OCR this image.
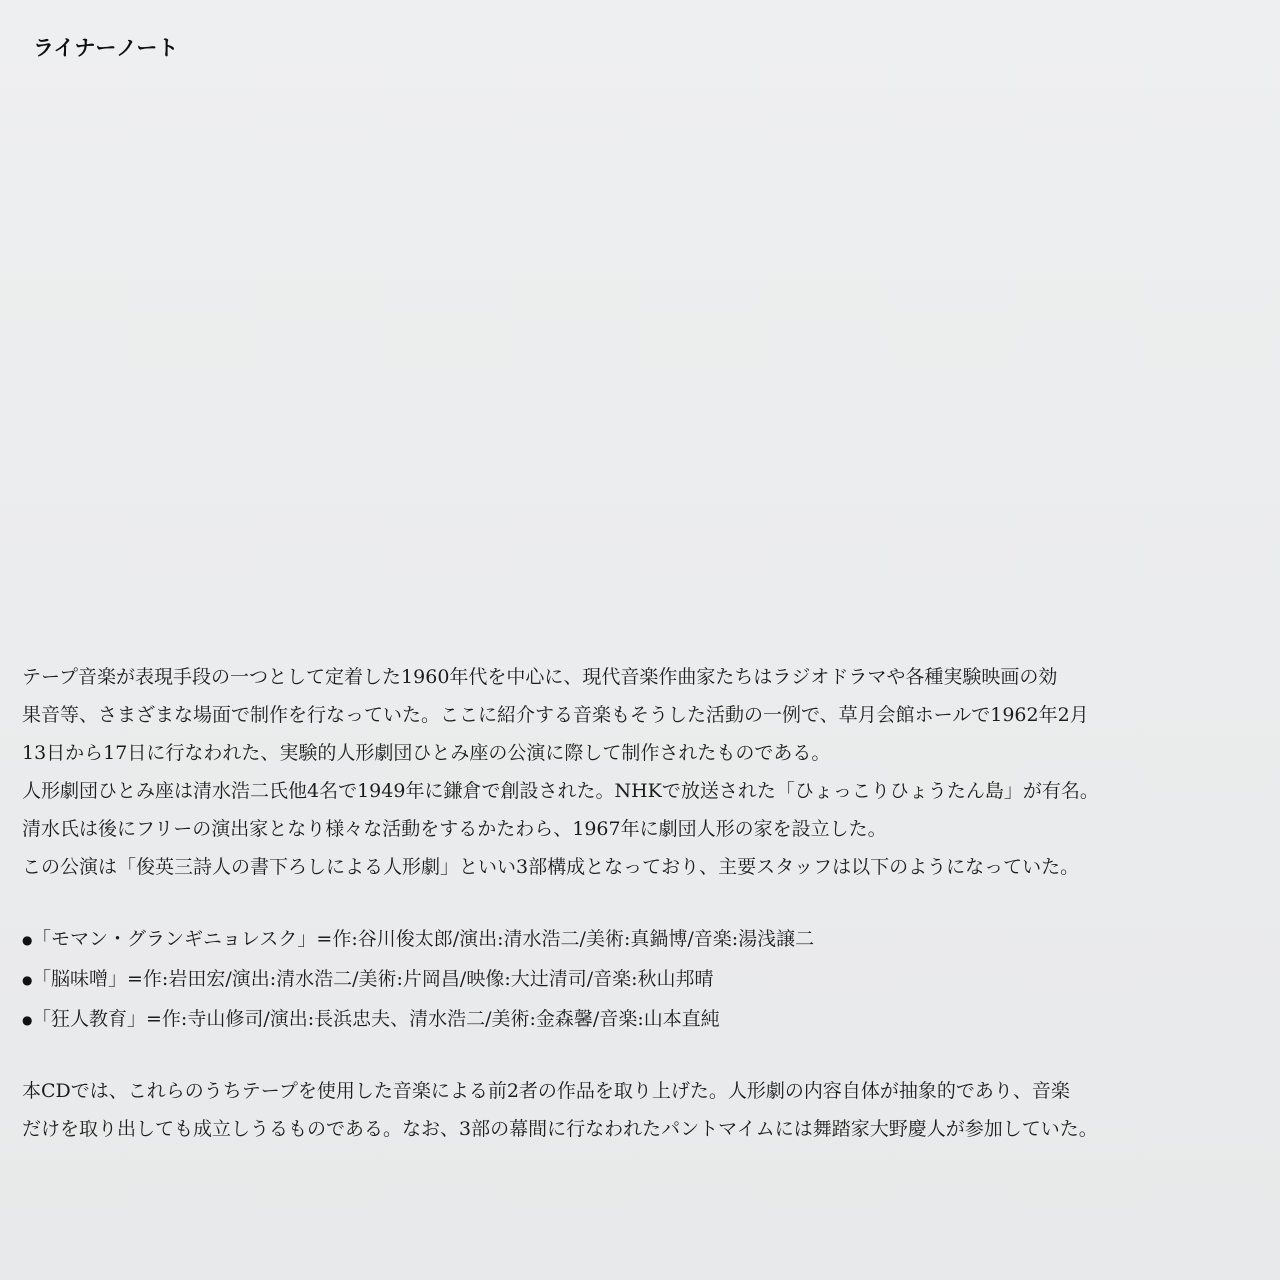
ライナーノート
テープ音楽が表現手段の一つとして定着した1960年代を中心に、現代音楽作曲家たちはラジオドラマや各種実験映画の効
果音等、さまざまな場面で制作を行なっていた。ここに紹介する音楽もそうした活動の一例で、草月会館ホールで1962年2月
13日から17日に行なわれた、実験的人形劇団ひとみ座の公演に際して制作されたものである。
人形劇団ひとみ座は清水浩二氏他4名で1949年に鎌倉で創設された。NHKで放送された「ひょっこりひょうたん島」が有名。
清水氏は後にフリーの演出家となり様々な活動をするかたわら、1967年に劇団人形の家を設立した。
この公演は「俊英三詩人の書下ろしによる人形劇」といい3部構成となっており、主要スタッフは以下のようになっていた。
●「モマン・グランギニョレスク」=作:谷川俊太郎/演出:清水浩二/美術:真鍋博/音楽:湯浅譲二
●「脳味噌」=作:岩田宏/演出:清水浩二/美術:片岡昌/映像:大辻清司/音楽:秋山邦晴
●「狂人教育」=作:寺山修司/演出:長浜忠夫、清水浩二/美術:金森馨/音楽:山本直純
本CDでは、これらのうちテープを使用した音楽による前2者の作品を取り上げた。人形劇の内容自体が抽象的であり、音楽
だけを取り出しても成立しうるものである。なお、3部の幕間に行なわれたパントマイムには舞踏家大野慶人が参加していた。
